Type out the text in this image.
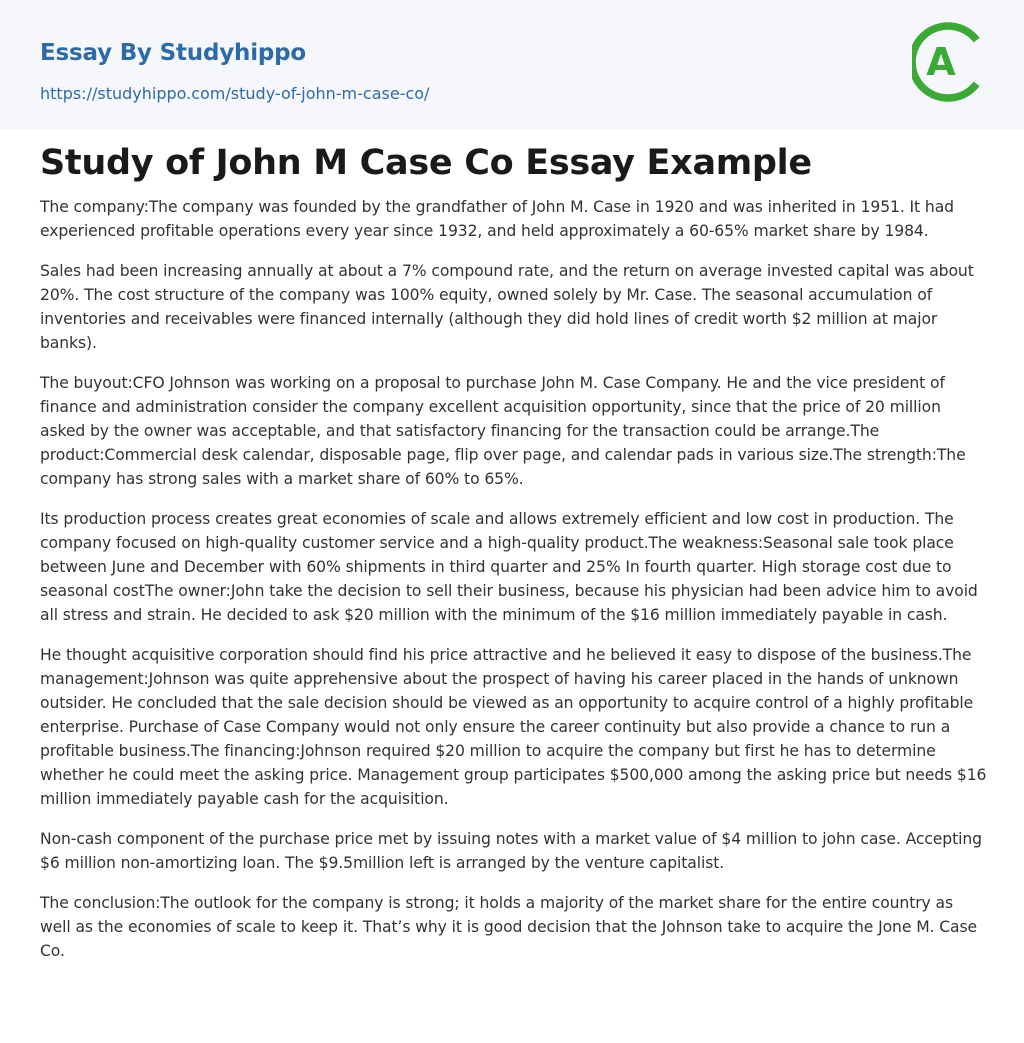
Essay By Studyhippo
https://studyhippo.com/study-of-john-m-case-co/
A
Study of John M Case Co Essay Example

The company:The company was founded by the grandfather of John M. Case in 1920 and was inherited in 1951. It had experienced profitable operations every year since 1932, and held approximately a 60-65% market share by 1984.

Sales had been increasing annually at about a 7% compound rate, and the return on average invested capital was about 20%. The cost structure of the company was 100% equity, owned solely by Mr. Case. The seasonal accumulation of inventories and receivables were financed internally (although they did hold lines of credit worth $2 million at major banks).

The buyout:CFO Johnson was working on a proposal to purchase John M. Case Company. He and the vice president of finance and administration consider the company excellent acquisition opportunity, since that the price of 20 million asked by the owner was acceptable, and that satisfactory financing for the transaction could be arrange.The product:Commercial desk calendar, disposable page, flip over page, and calendar pads in various size.The strength:The company has strong sales with a market share of 60% to 65%.

Its production process creates great economies of scale and allows extremely efficient and low cost in production. The company focused on high-quality customer service and a high-quality product.The weakness:Seasonal sale took place between June and December with 60% shipments in third quarter and 25% In fourth quarter. High storage cost due to seasonal costThe owner:John take the decision to sell their business, because his physician had been advice him to avoid all stress and strain. He decided to ask $20 million with the minimum of the $16 million immediately payable in cash.

He thought acquisitive corporation should find his price attractive and he believed it easy to dispose of the business.The management:Johnson was quite apprehensive about the prospect of having his career placed in the hands of unknown outsider. He concluded that the sale decision should be viewed as an opportunity to acquire control of a highly profitable enterprise. Purchase of Case Company would not only ensure the career continuity but also provide a chance to run a profitable business.The financing:Johnson required $20 million to acquire the company but first he has to determine whether he could meet the asking price. Management group participates $500,000 among the asking price but needs $16 million immediately payable cash for the acquisition.

Non-cash component of the purchase price met by issuing notes with a market value of $4 million to john case. Accepting $6 million non-amortizing loan. The $9.5million left is arranged by the venture capitalist.

The conclusion:The outlook for the company is strong; it holds a majority of the market share for the entire country as well as the economies of scale to keep it. That’s why it is good decision that the Johnson take to acquire the Jone M. Case Co.
